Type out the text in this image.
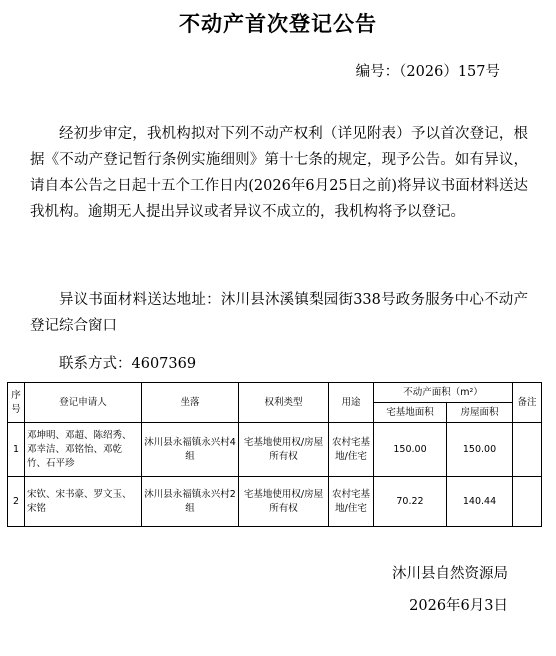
不动产首次登记公告
编号：（2026）157号

经初步审定，我机构拟对下列不动产权利（详见附表）予以首次登记，根据《不动产登记暂行条例实施细则》第十七条的规定，现予公告。如有异议，请自本公告之日起十五个工作日内(2026年6月25日之前)将异议书面材料送达我机构。逾期无人提出异议或者异议不成立的，我机构将予以登记。

异议书面材料送达地址：沐川县沐溪镇梨园街338号政务服务中心不动产登记综合窗口

联系方式：4607369

序号	登记申请人	坐落	权利类型	用途	不动产面积（m²）		备注
					宅基地面积	房屋面积	
1	邓坤明、邓超、陈绍秀、邓幸洁、邓铭怡、邓乾竹、石平珍	沐川县永福镇永兴村4组	宅基地使用权/房屋所有权	农村宅基地/住宅	150.00	150.00	
2	宋钦、宋书豪、罗文玉、宋铭	沐川县永福镇永兴村2组	宅基地使用权/房屋所有权	农村宅基地/住宅	70.22	140.44	
沐川县自然资源局
2026年6月3日
